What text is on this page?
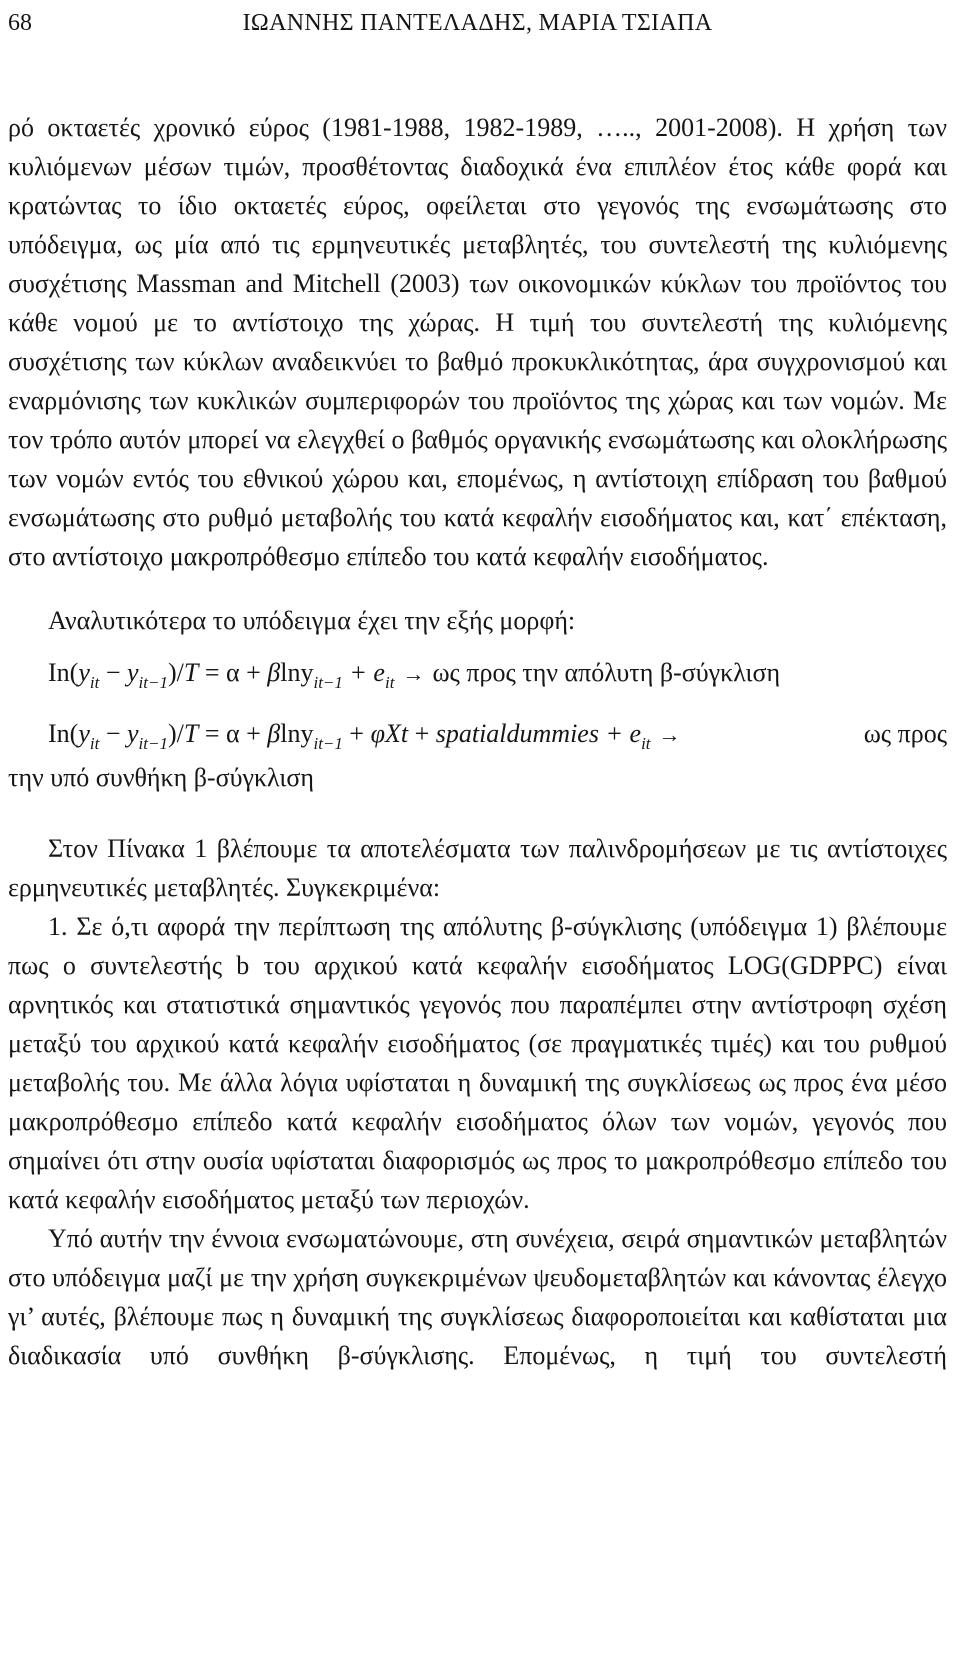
68	ΙΩΑΝΝΗΣ ΠΑΝΤΕΛΑΔΗΣ, ΜΑΡΙΑ ΤΣΙΑΠΑ

ρό οκταετές χρονικό εύρος (1981-1988, 1982-1989, ….., 2001-2008). Η χρήση των κυλιόμενων μέσων τιμών, προσθέτοντας διαδοχικά ένα επιπλέον έτος κάθε φορά και κρατώντας το ίδιο οκταετές εύρος, οφείλεται στο γεγονός της ενσωμάτωσης στο υπόδειγμα, ως μία από τις ερμηνευτικές μεταβλητές, του συντελεστή της κυλιόμενης συσχέτισης Massman and Mitchell (2003) των οικονομικών κύκλων του προϊόντος του κάθε νομού με το αντίστοιχο της χώρας. Η τιμή του συντελεστή της κυλιόμενης συσχέτισης των κύκλων αναδεικνύει το βαθμό προκυκλικότητας, άρα συγχρονισμού και εναρμόνισης των κυκλικών συμπεριφορών του προϊόντος της χώρας και των νομών. Με τον τρόπο αυτόν μπορεί να ελεγχθεί ο βαθμός οργανικής ενσωμάτωσης και ολοκλήρωσης των νομών εντός του εθνικού χώρου και, επομένως, η αντίστοιχη επίδραση του βαθμού ενσωμάτωσης στο ρυθμό μεταβολής του κατά κεφαλήν εισοδήματος και, κατ΄ επέκταση, στο αντίστοιχο μακροπρόθεσμο επίπεδο του κατά κεφαλήν εισοδήματος.

Αναλυτικότερα το υπόδειγμα έχει την εξής μορφή:

$In(y_{it} - y_{it-1})/T = \alpha + \beta\ln y_{it-1} + e_{it} \to \omega\varsigma$ προς την απόλυτη β-σύγκλιση
$In(y_{it} - y_{it-1})/T = \alpha + \beta\ln y_{it-1} + \varphi Xt$ + spatialdummies + $e_{it}$ →	ως προς

την υπό συνθήκη β-σύγκλιση

Στον Πίνακα 1 βλέπουμε τα αποτελέσματα των παλινδρομήσεων με τις αντίστοιχες ερμηνευτικές μεταβλητές. Συγκεκριμένα:

1. Σε ό,τι αφορά την περίπτωση της απόλυτης β-σύγκλισης (υπόδειγμα 1) βλέπουμε πως ο συντελεστής b του αρχικού κατά κεφαλήν εισοδήματος LOG(GDPPC) είναι αρνητικός και στατιστικά σημαντικός γεγονός που παραπέμπει στην αντίστροφη σχέση μεταξύ του αρχικού κατά κεφαλήν εισοδήματος (σε πραγματικές τιμές) και του ρυθμού μεταβολής του. Με άλλα λόγια υφίσταται η δυναμική της συγκλίσεως ως προς ένα μέσο μακροπρόθεσμο επίπεδο κατά κεφαλήν εισοδήματος όλων των νομών, γεγονός που σημαίνει ότι στην ουσία υφίσταται διαφορισμός ως προς το μακροπρόθεσμο επίπεδο του κατά κεφαλήν εισοδήματος μεταξύ των περιοχών.

Υπό αυτήν την έννοια ενσωματώνουμε, στη συνέχεια, σειρά σημαντικών μεταβλητών στο υπόδειγμα μαζί με την χρήση συγκεκριμένων ψευδομεταβλητών και κάνοντας έλεγχο γι’ αυτές, βλέπουμε πως η δυναμική της συγκλίσεως διαφοροποιείται και καθίσταται μια διαδικασία υπό συνθήκη β-σύγκλισης. Επομένως, η τιμή του συντελεστή
